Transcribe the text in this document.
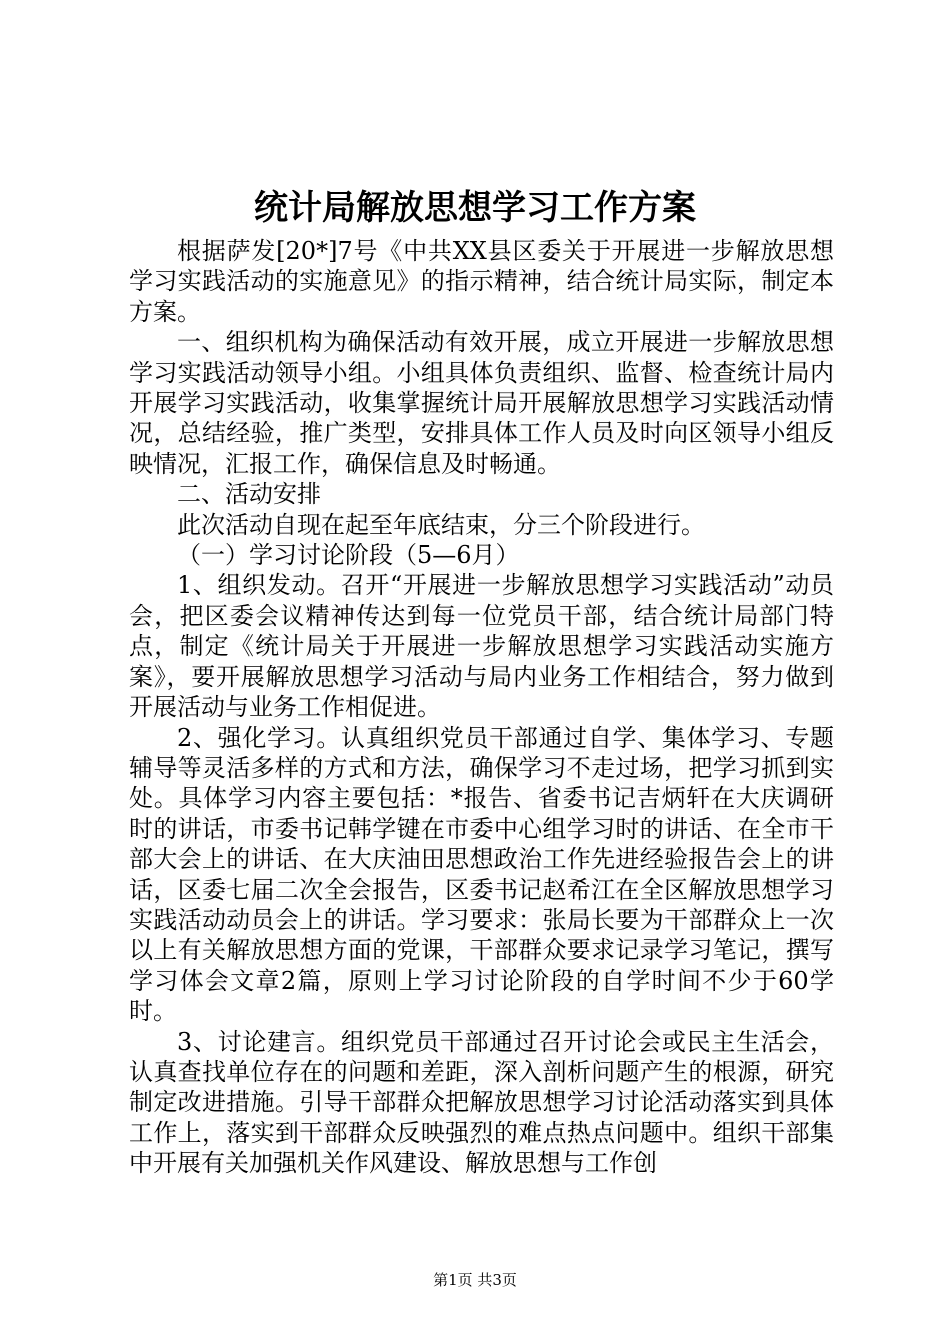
统计局解放思想学习工作方案

根据萨发[20*]7号《中共XX县区委关于开展进一步解放思想学习实践活动的实施意见》的指示精神，结合统计局实际，制定本方案。

一、组织机构为确保活动有效开展，成立开展进一步解放思想学习实践活动领导小组。小组具体负责组织、监督、检查统计局内开展学习实践活动，收集掌握统计局开展解放思想学习实践活动情况，总结经验，推广类型，安排具体工作人员及时向区领导小组反映情况，汇报工作，确保信息及时畅通。

二、活动安排

此次活动自现在起至年底结束，分三个阶段进行。

（一）学习讨论阶段（5—6月）

1、组织发动。召开“开展进一步解放思想学习实践活动”动员会，把区委会议精神传达到每一位党员干部，结合统计局部门特点，制定《统计局关于开展进一步解放思想学习实践活动实施方案》，要开展解放思想学习活动与局内业务工作相结合，努力做到开展活动与业务工作相促进。

2、强化学习。认真组织党员干部通过自学、集体学习、专题辅导等灵活多样的方式和方法，确保学习不走过场，把学习抓到实处。具体学习内容主要包括：*报告、省委书记吉炳轩在大庆调研时的讲话，市委书记韩学键在市委中心组学习时的讲话、在全市干部大会上的讲话、在大庆油田思想政治工作先进经验报告会上的讲话，区委七届二次全会报告，区委书记赵希江在全区解放思想学习实践活动动员会上的讲话。学习要求：张局长要为干部群众上一次以上有关解放思想方面的党课，干部群众要求记录学习笔记，撰写学习体会文章2篇，原则上学习讨论阶段的自学时间不少于60学时。

3、讨论建言。组织党员干部通过召开讨论会或民主生活会，认真查找单位存在的问题和差距，深入剖析问题产生的根源，研究制定改进措施。引导干部群众把解放思想学习讨论活动落实到具体工作上，落实到干部群众反映强烈的难点热点问题中。组织干部集中开展有关加强机关作风建设、解放思想与工作创

第1页 共3页
